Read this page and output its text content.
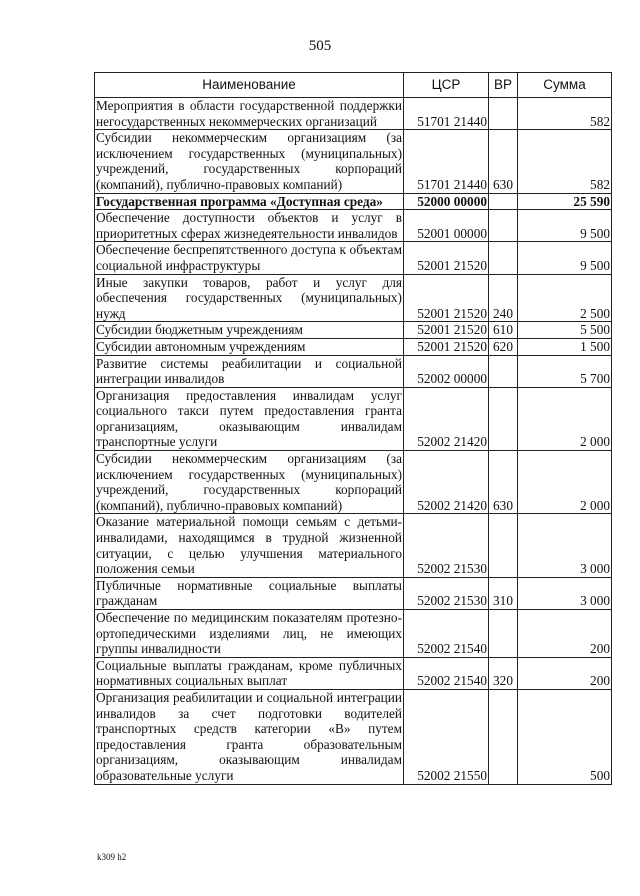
505
Наименование	ЦСР	ВР	Сумма
Мероприятия в области государственной поддержки негосударственных некоммерческих организаций	51701 21440		582
Субсидии некоммерческим организациям (за исключением государственных (муниципальных) учреждений, государственных корпораций (компаний), публично-правовых компаний)	51701 21440	630	582
Государственная программа «Доступная среда»	52000 00000		25 590
Обеспечение доступности объектов и услуг в приоритетных сферах жизнедеятельности инвалидов	52001 00000		9 500
Обеспечение беспрепятственного доступа к объектам социальной инфраструктуры	52001 21520		9 500
Иные закупки товаров, работ и услуг для обеспечения государственных (муниципальных) нужд	52001 21520	240	2 500
Субсидии бюджетным учреждениям	52001 21520	610	5 500
Субсидии автономным учреждениям	52001 21520	620	1 500
Развитие системы реабилитации и социальной интеграции инвалидов	52002 00000		5 700
Организация предоставления инвалидам услуг социального такси путем предоставления гранта организациям, оказывающим инвалидам транспортные услуги	52002 21420		2 000
Субсидии некоммерческим организациям (за исключением государственных (муниципальных) учреждений, государственных корпораций (компаний), публично-правовых компаний)	52002 21420	630	2 000
Оказание материальной помощи семьям с детьми-инвалидами, находящимся в трудной жизненной ситуации, с целью улучшения материального положения семьи	52002 21530		3 000
Публичные нормативные социальные выплаты гражданам	52002 21530	310	3 000
Обеспечение по медицинским показателям протезно-ортопедическими изделиями лиц, не имеющих группы инвалидности	52002 21540		200
Социальные выплаты гражданам, кроме публичных нормативных социальных выплат	52002 21540	320	200
Организация реабилитации и социальной интеграции инвалидов за счет подготовки водителей транспортных средств категории «В» путем предоставления гранта образовательным организациям, оказывающим инвалидам образовательные услуги	52002 21550		500
k309 h2
